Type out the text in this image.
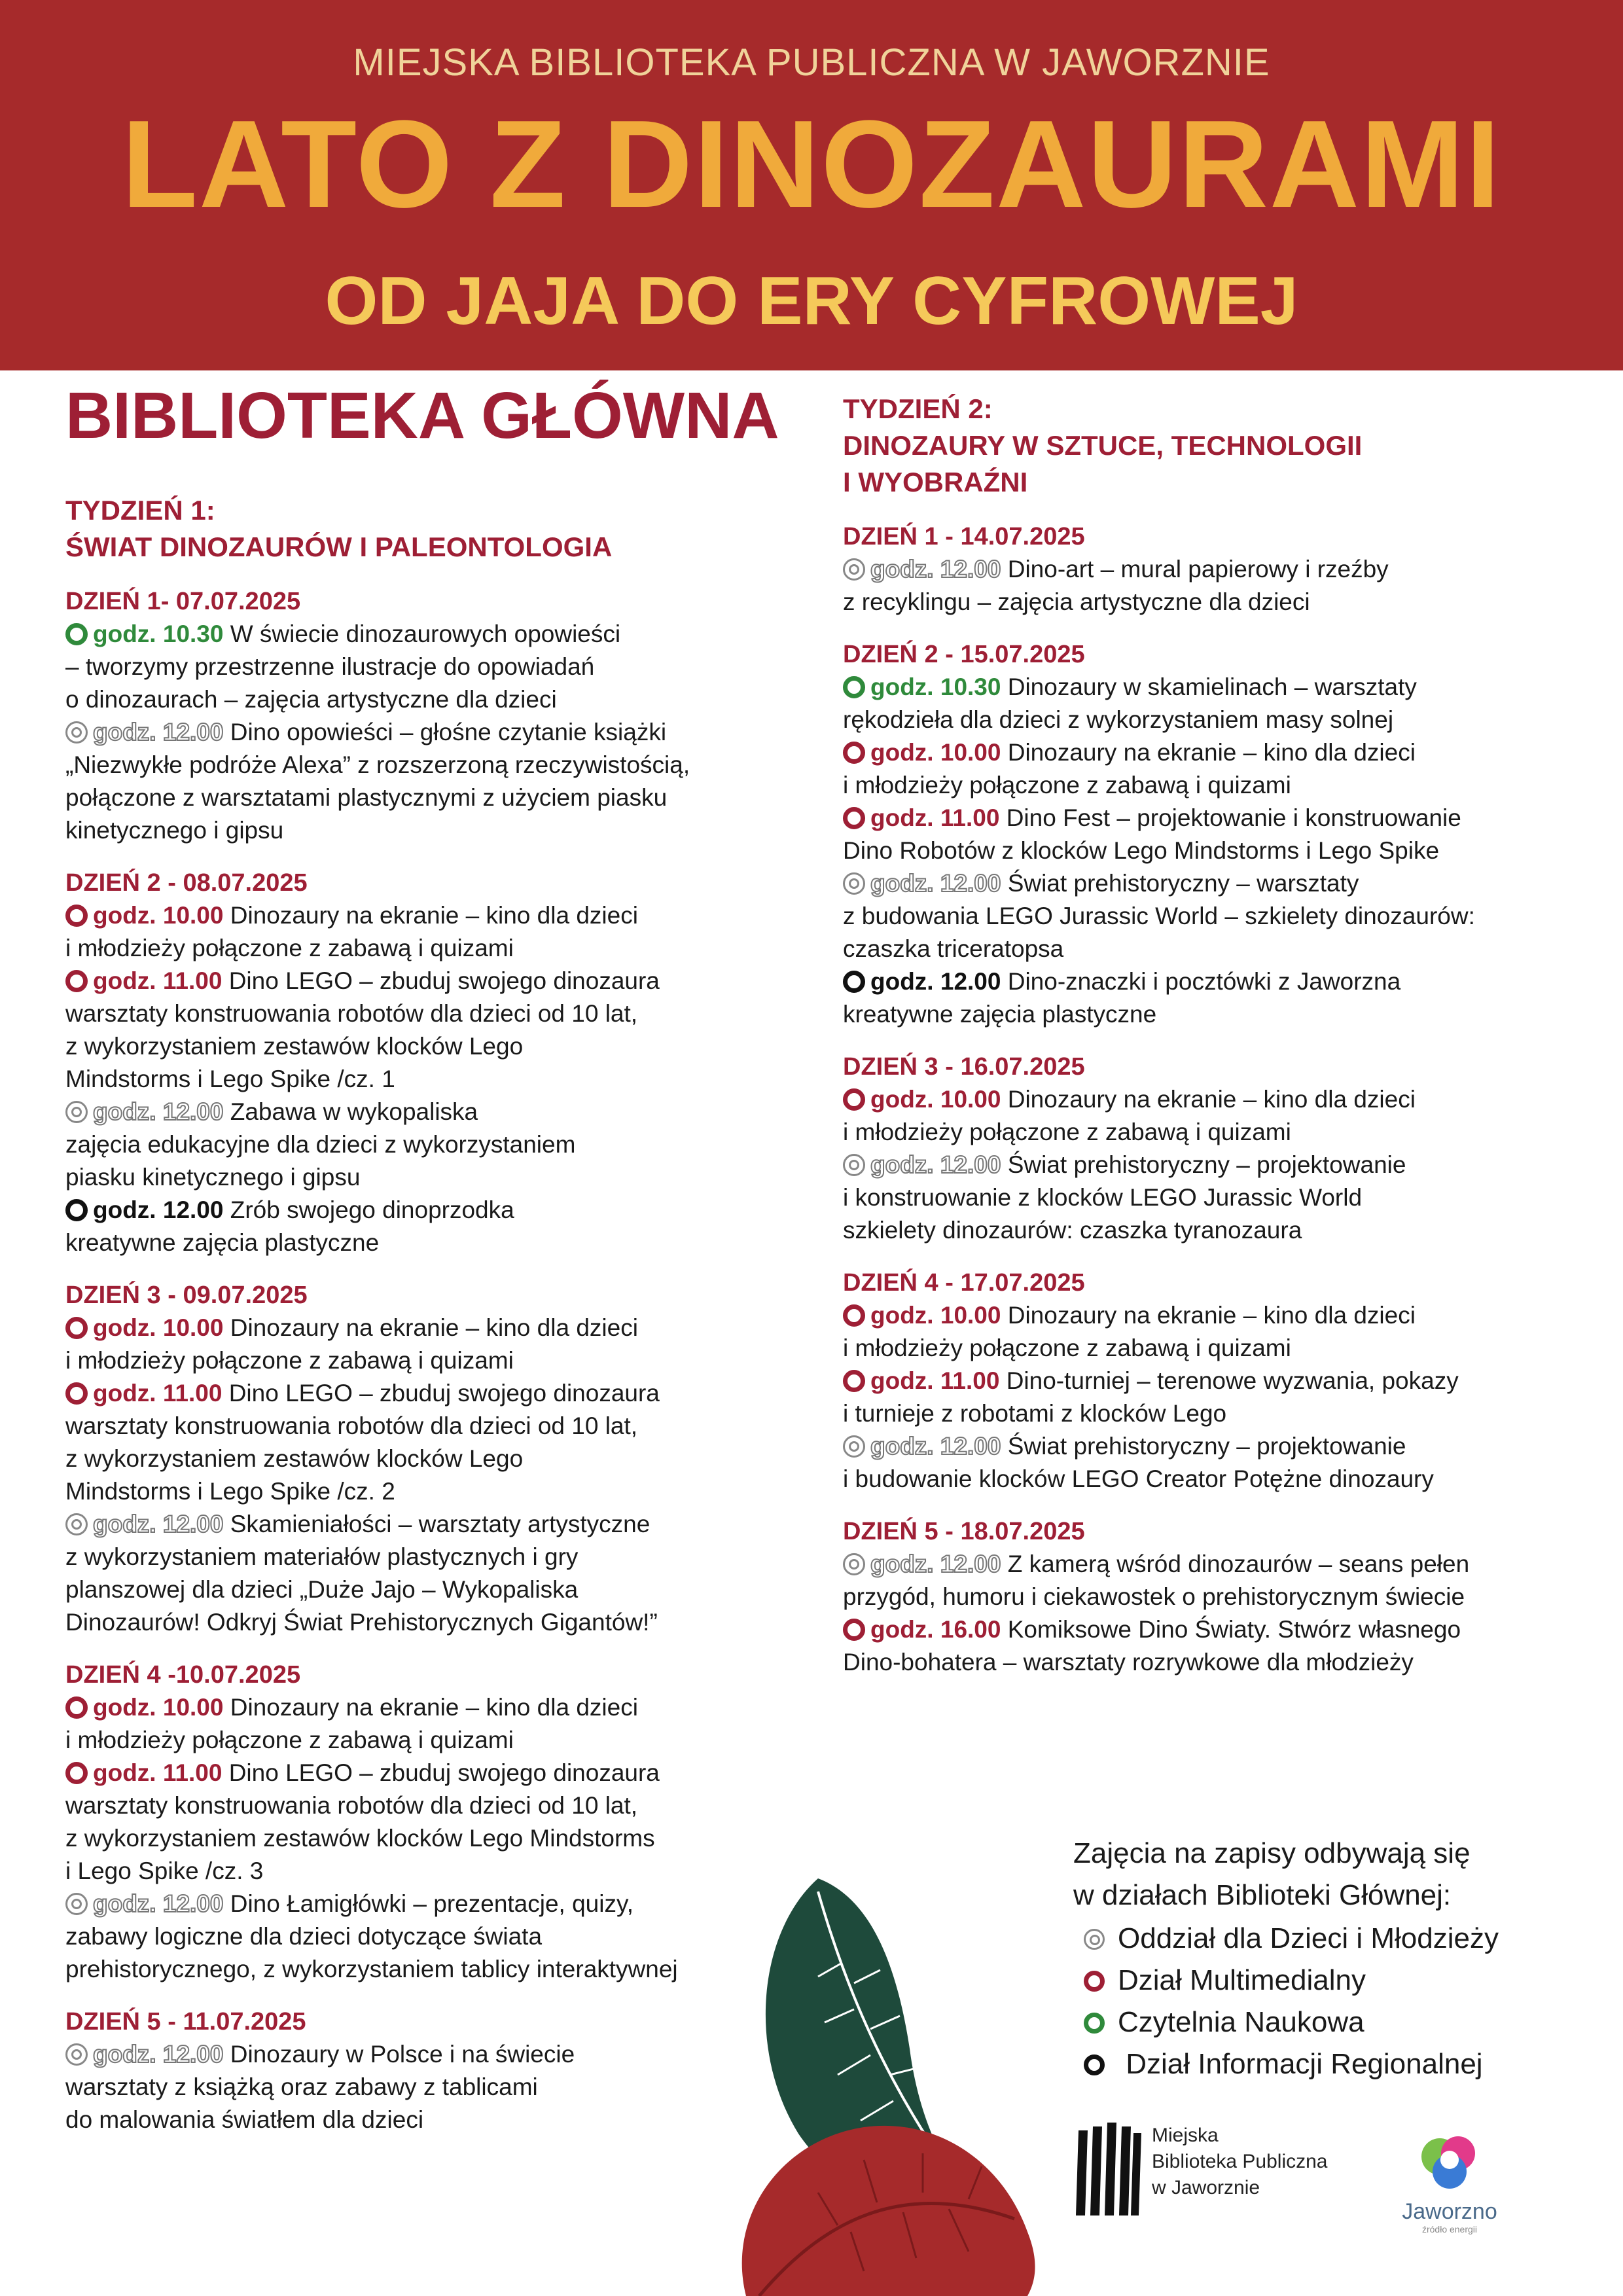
MIEJSKA BIBLIOTEKA PUBLICZNA W JAWORZNIE
LATO Z DINOZAURAMI
OD JAJA DO ERY CYFROWEJ
BIBLIOTEKA GŁÓWNA
TYDZIEŃ 1:
ŚWIAT DINOZAURÓW I PALEONTOLOGIA
DZIEŃ 1- 07.07.2025
godz. 10.30 W świecie dinozaurowych opowieści
– tworzymy przestrzenne ilustracje do opowiadań
o dinozaurach – zajęcia artystyczne dla dzieci
godz. 12.00 Dino opowieści – głośne czytanie książki
„Niezwykłe podróże Alexa” z rozszerzoną rzeczywistością,
połączone z warsztatami plastycznymi z użyciem piasku
kinetycznego i gipsu
DZIEŃ 2 - 08.07.2025
godz. 10.00 Dinozaury na ekranie – kino dla dzieci
i młodzieży połączone z zabawą i quizami
godz. 11.00 Dino LEGO – zbuduj swojego dinozaura
warsztaty konstruowania robotów dla dzieci od 10 lat,
z wykorzystaniem zestawów klocków Lego
Mindstorms i Lego Spike /cz. 1
godz. 12.00 Zabawa w wykopaliska
zajęcia edukacyjne dla dzieci z wykorzystaniem
piasku kinetycznego i gipsu
godz. 12.00 Zrób swojego dinoprzodka
kreatywne zajęcia plastyczne
DZIEŃ 3 - 09.07.2025
godz. 10.00 Dinozaury na ekranie – kino dla dzieci
i młodzieży połączone z zabawą i quizami
godz. 11.00 Dino LEGO – zbuduj swojego dinozaura
warsztaty konstruowania robotów dla dzieci od 10 lat,
z wykorzystaniem zestawów klocków Lego
Mindstorms i Lego Spike /cz. 2
godz. 12.00 Skamieniałości – warsztaty artystyczne
z wykorzystaniem materiałów plastycznych i gry
planszowej dla dzieci „Duże Jajo – Wykopaliska
Dinozaurów! Odkryj Świat Prehistorycznych Gigantów!”
DZIEŃ 4 -10.07.2025
godz. 10.00 Dinozaury na ekranie – kino dla dzieci
i młodzieży połączone z zabawą i quizami
godz. 11.00 Dino LEGO – zbuduj swojego dinozaura
warsztaty konstruowania robotów dla dzieci od 10 lat,
z wykorzystaniem zestawów klocków Lego Mindstorms
i Lego Spike /cz. 3
godz. 12.00 Dino Łamigłówki – prezentacje, quizy,
zabawy logiczne dla dzieci dotyczące świata
prehistorycznego, z wykorzystaniem tablicy interaktywnej
DZIEŃ 5 - 11.07.2025
godz. 12.00 Dinozaury w Polsce i na świecie
warsztaty z książką oraz zabawy z tablicami
do malowania światłem dla dzieci
TYDZIEŃ 2:
DINOZAURY W SZTUCE, TECHNOLOGII
I WYOBRAŹNI
DZIEŃ 1 - 14.07.2025
godz. 12.00 Dino-art – mural papierowy i rzeźby
z recyklingu – zajęcia artystyczne dla dzieci
DZIEŃ 2 - 15.07.2025
godz. 10.30 Dinozaury w skamielinach – warsztaty
rękodzieła dla dzieci z wykorzystaniem masy solnej
godz. 10.00 Dinozaury na ekranie – kino dla dzieci
i młodzieży połączone z zabawą i quizami
godz. 11.00 Dino Fest – projektowanie i konstruowanie
Dino Robotów z klocków Lego Mindstorms i Lego Spike
godz. 12.00 Świat prehistoryczny – warsztaty
z budowania LEGO Jurassic World – szkielety dinozaurów:
czaszka triceratopsa
godz. 12.00 Dino-znaczki i pocztówki z Jaworzna
kreatywne zajęcia plastyczne
DZIEŃ 3 - 16.07.2025
godz. 10.00 Dinozaury na ekranie – kino dla dzieci
i młodzieży połączone z zabawą i quizami
godz. 12.00 Świat prehistoryczny – projektowanie
i konstruowanie z klocków LEGO Jurassic World
szkielety dinozaurów: czaszka tyranozaura
DZIEŃ 4 - 17.07.2025
godz. 10.00 Dinozaury na ekranie – kino dla dzieci
i młodzieży połączone z zabawą i quizami
godz. 11.00 Dino-turniej – terenowe wyzwania, pokazy
i turnieje z robotami z klocków Lego
godz. 12.00 Świat prehistoryczny – projektowanie
i budowanie klocków LEGO Creator Potężne dinozaury
DZIEŃ 5 - 18.07.2025
godz. 12.00 Z kamerą wśród dinozaurów – seans pełen
przygód, humoru i ciekawostek o prehistorycznym świecie
godz. 16.00 Komiksowe Dino Światy. Stwórz własnego
Dino-bohatera – warsztaty rozrywkowe dla młodzieży
Zajęcia na zapisy odbywają się
w działach Biblioteki Głównej:
Oddział dla Dzieci i Młodzieży
Dział Multimedialny
Czytelnia Naukowa
Dział Informacji Regionalnej
Miejska
Biblioteka Publiczna
w Jaworznie
Jaworzno
źródło energii
